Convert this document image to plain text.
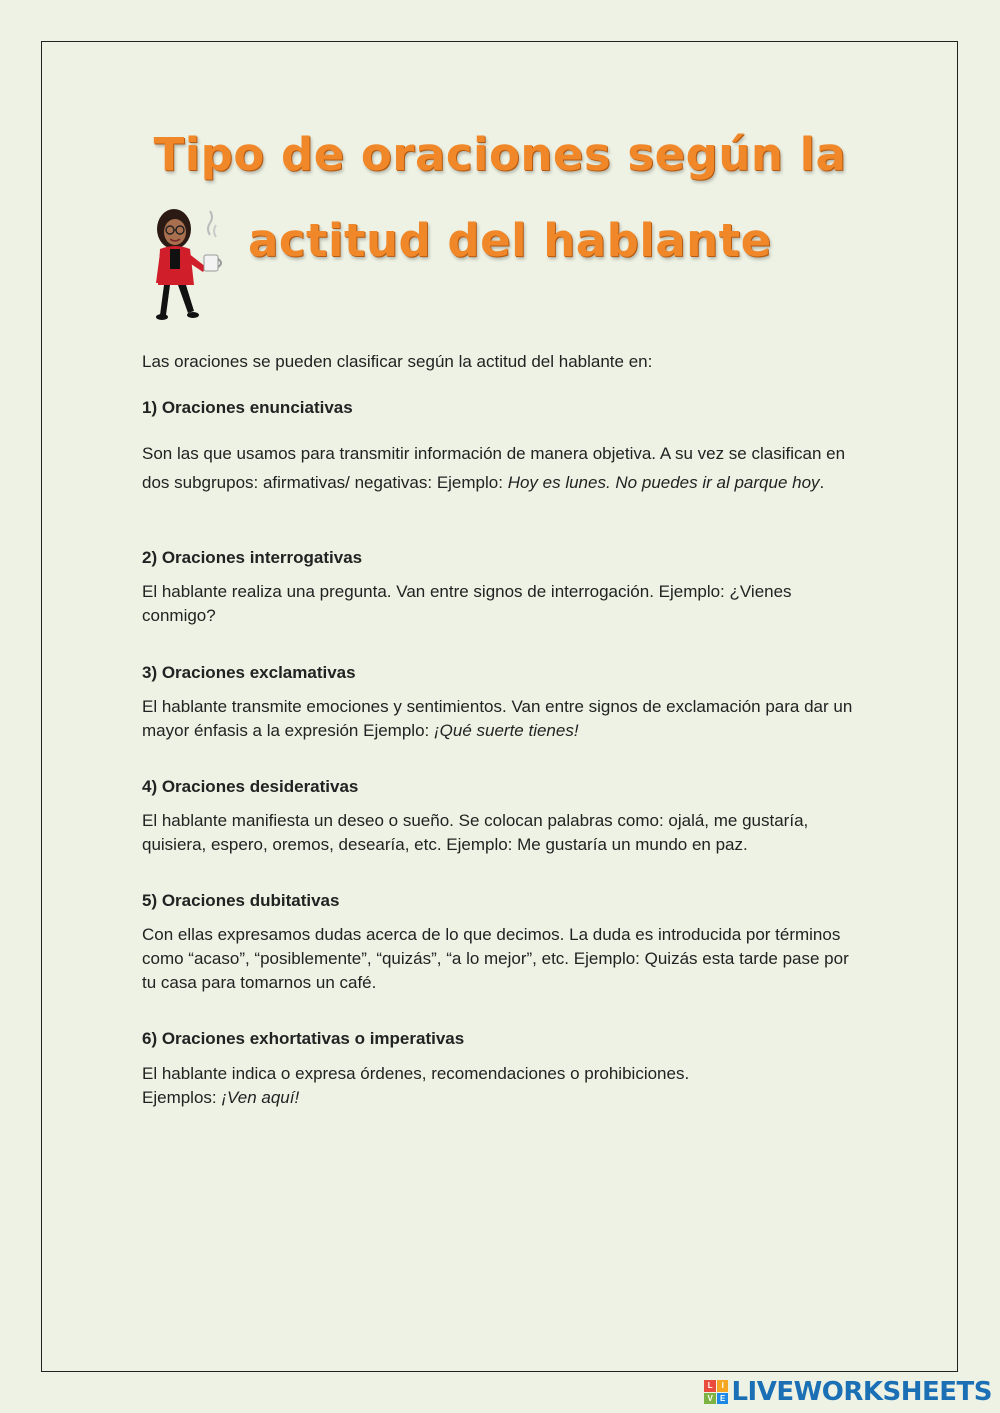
Tipo de oraciones según la
actitud del hablante
Las oraciones se pueden clasificar según la actitud del hablante en:
1) Oraciones enunciativas
Son las que usamos para transmitir información de manera objetiva. A su vez se clasifican en dos subgrupos: afirmativas/ negativas: Ejemplo: Hoy es lunes. No puedes ir al parque hoy.
2) Oraciones interrogativas
El hablante realiza una pregunta. Van entre signos de interrogación. Ejemplo: ¿Vienes conmigo?
3) Oraciones exclamativas
El hablante transmite emociones y sentimientos. Van entre signos de exclamación para dar un mayor énfasis a la expresión Ejemplo: ¡Qué suerte tienes!
4) Oraciones desiderativas
El hablante manifiesta un deseo o sueño. Se colocan palabras como: ojalá, me gustaría, quisiera, espero, oremos, desearía, etc. Ejemplo: Me gustaría un mundo en paz.
5) Oraciones dubitativas
Con ellas expresamos dudas acerca de lo que decimos. La duda es introducida por términos como “acaso”, “posiblemente”, “quizás”, “a lo mejor”, etc. Ejemplo: Quizás esta tarde pase por tu casa para tomarnos un café.
6) Oraciones exhortativas o imperativas
El hablante indica o expresa órdenes, recomendaciones o prohibiciones.
Ejemplos: ¡Ven aquí!
L	I
V E LIVEWORKSHEETS
